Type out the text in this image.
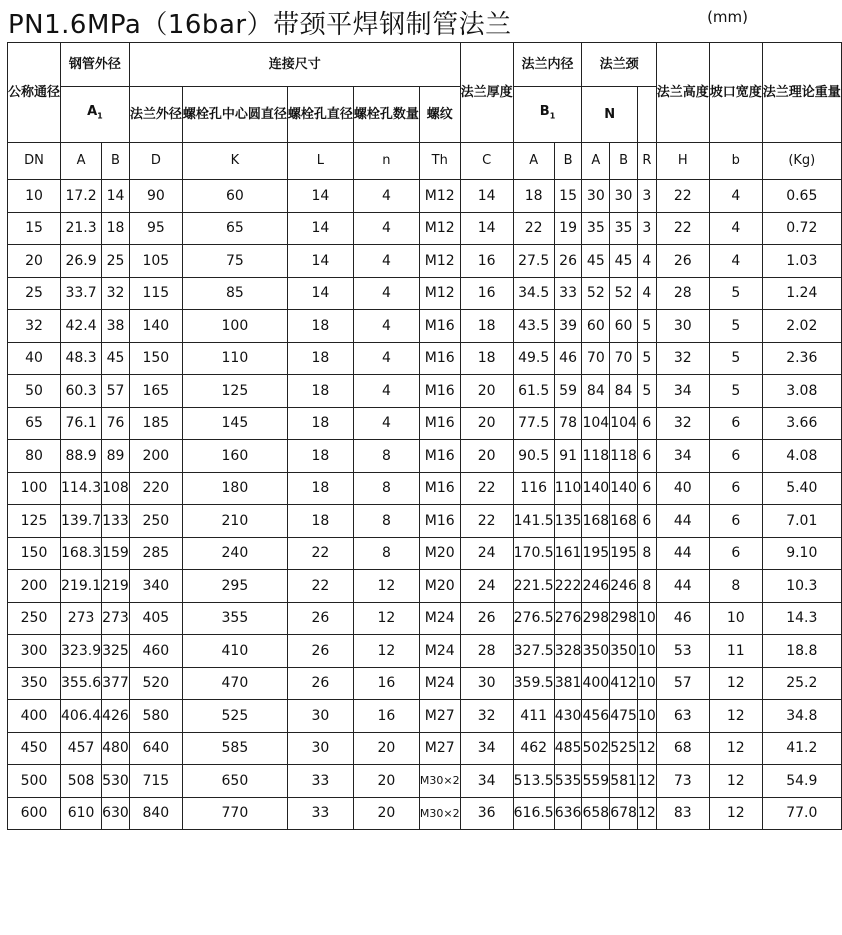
PN1.6MPa（16bar）带颈平焊钢制管法兰	(mm)
公称通径	钢管外径		连接尺寸					法兰厚度	法兰内径		法兰颈			法兰高度	坡口宽度	法兰理论重量
	$A_1$		法兰外径	螺栓孔中心圆直径	螺栓孔直径	螺栓孔数量	螺纹		$B_1$		N					
DN	A	B	D	K	L	n	Th	C	A	B	A	B	R	H	b	(Kg)
10	17.2	14	90	60	14	4	M12	14	18	15	30	30	3	22	4	0.65
15	21.3	18	95	65	14	4	M12	14	22	19	35	35	3	22	4	0.72
20	26.9	25	105	75	14	4	M12	16	27.5	26	45	45	4	26	4	1.03
25	33.7	32	115	85	14	4	M12	16	34.5	33	52	52	4	28	5	1.24
32	42.4	38	140	100	18	4	M16	18	43.5	39	60	60	5	30	5	2.02
40	48.3	45	150	110	18	4	M16	18	49.5	46	70	70	5	32	5	2.36
50	60.3	57	165	125	18	4	M16	20	61.5	59	84	84	5	34	5	3.08
65	76.1	76	185	145	18	4	M16	20	77.5	78	104	104	6	32	6	3.66
80	88.9	89	200	160	18	8	M16	20	90.5	91	118	118	6	34	6	4.08
100	114.3	108	220	180	18	8	M16	22	116	110	140	140	6	40	6	5.40
125	139.7	133	250	210	18	8	M16	22	141.5	135	168	168	6	44	6	7.01
150	168.3	159	285	240	22	8	M20	24	170.5	161	195	195	8	44	6	9.10
200	219.1	219	340	295	22	12	M20	24	221.5	222	246	246	8	44	8	10.3
250	273	273	405	355	26	12	M24	26	276.5	276	298	298	10	46	10	14.3
300	323.9	325	460	410	26	12	M24	28	327.5	328	350	350	10	53	11	18.8
350	355.6	377	520	470	26	16	M24	30	359.5	381	400	412	10	57	12	25.2
400	406.4	426	580	525	30	16	M27	32	411	430	456	475	10	63	12	34.8
450	457	480	640	585	30	20	M27	34	462	485	502	525	12	68	12	41.2
500	508	530	715	650	33	20	M30×2	34	513.5	535	559	581	12	73	12	54.9
600	610	630	840	770	33	20	M30×2	36	616.5	636	658	678	12	83	12	77.0
